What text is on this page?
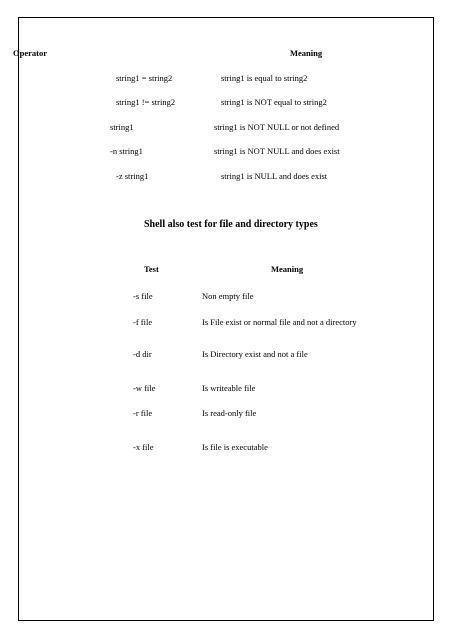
Operator	Meaning
string1 = string2	string1 is equal to string2
string1 != string2	string1 is NOT equal to string2
string1	string1 is NOT NULL or not defined
-n string1	string1 is NOT NULL and does exist
-z string1	string1 is NULL and does exist
Shell also test for file and directory types
Test	Meaning
-s file	Non empty file
-f file	Is File exist or normal file and not a directory
-d dir	Is Directory exist and not a file
-w file	Is writeable file
-r file	Is read-only file
-x file	Is file is executable
